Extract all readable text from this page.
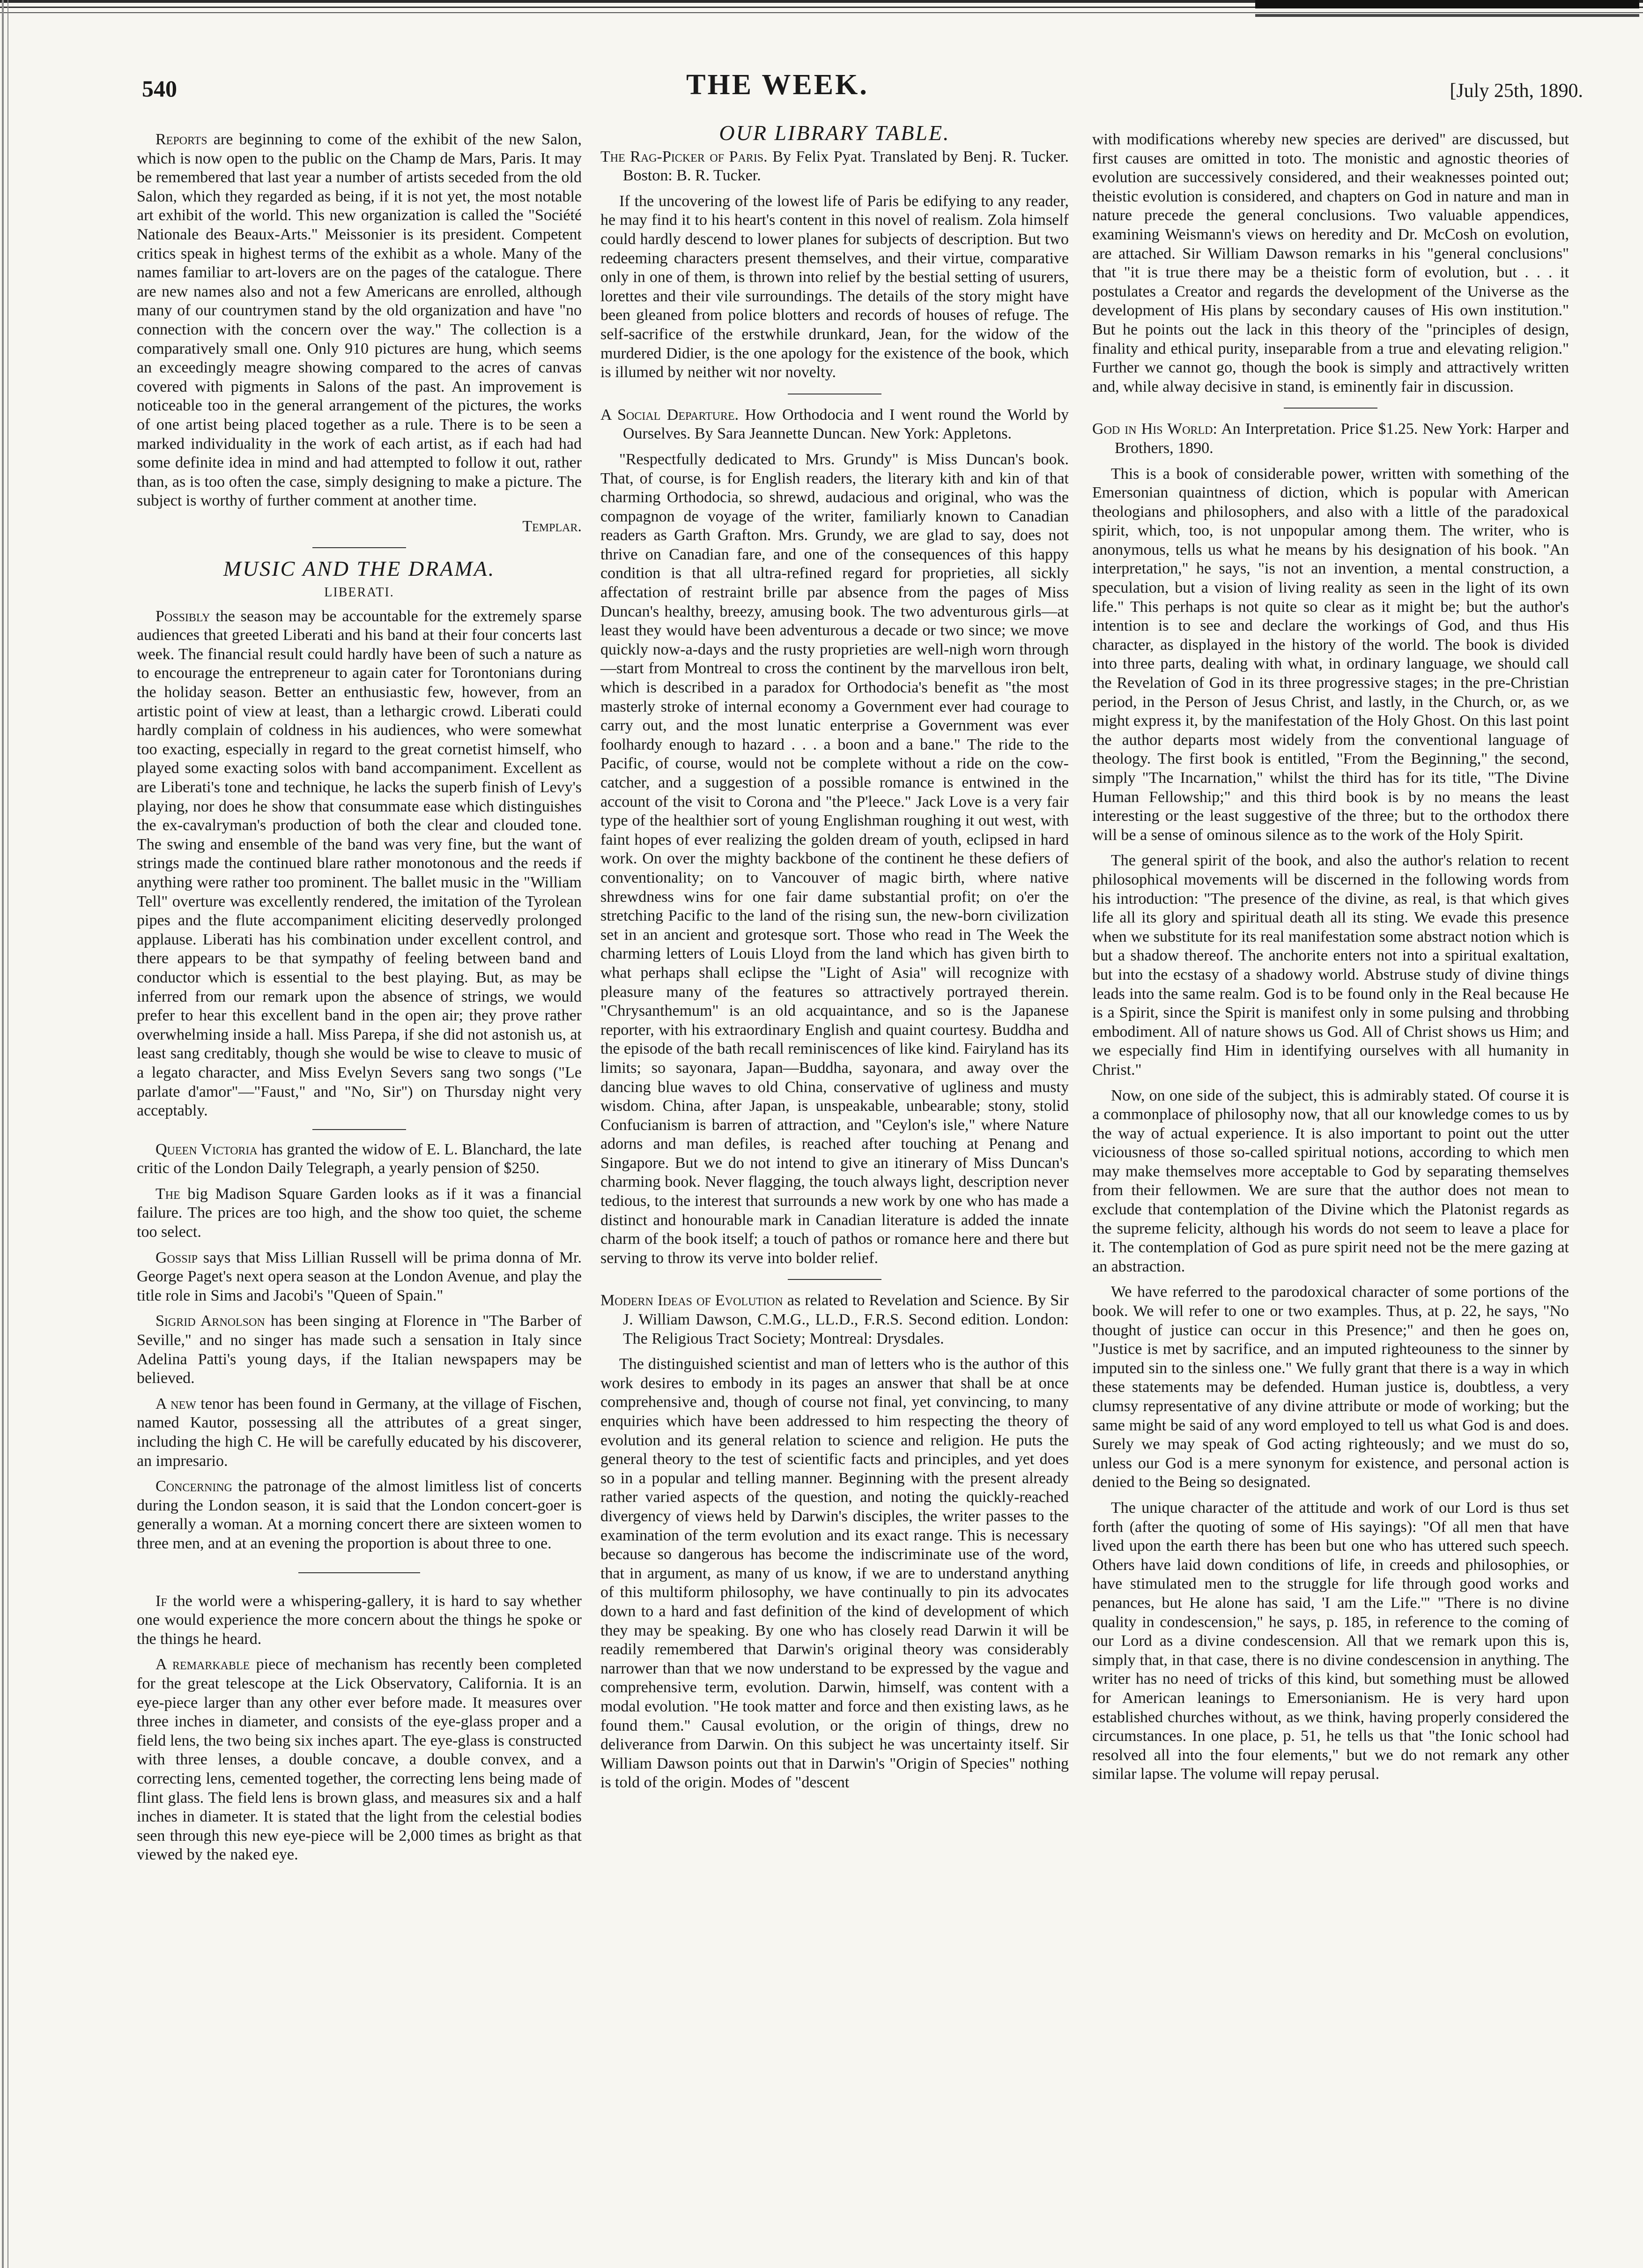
540	THE WEEK.	[July 25th, 1890.

Reports are beginning to come of the exhibit of the new Salon, which is now open to the public on the Champ de Mars, Paris. It may be remembered that last year a number of artists seceded from the old Salon, which they regarded as being, if it is not yet, the most notable art exhibit of the world. This new organization is called the "Société Nationale des Beaux-Arts." Meissonier is its president. Competent critics speak in highest terms of the exhibit as a whole. Many of the names familiar to art-lovers are on the pages of the catalogue. There are new names also and not a few Americans are enrolled, although many of our countrymen stand by the old organization and have "no connection with the concern over the way." The collection is a comparatively small one. Only 910 pictures are hung, which seems an exceedingly meagre showing compared to the acres of canvas covered with pigments in Salons of the past. An improvement is noticeable too in the general arrangement of the pictures, the works of one artist being placed together as a rule. There is to be seen a marked individuality in the work of each artist, as if each had had some definite idea in mind and had attempted to follow it out, rather than, as is too often the case, simply designing to make a picture. The subject is worthy of further comment at another time.

Templar.
MUSIC AND THE DRAMA.
LIBERATI.

Possibly the season may be accountable for the extremely sparse audiences that greeted Liberati and his band at their four concerts last week. The financial result could hardly have been of such a nature as to encourage the entrepreneur to again cater for Torontonians during the holiday season. Better an enthusiastic few, however, from an artistic point of view at least, than a lethargic crowd. Liberati could hardly complain of coldness in his audiences, who were somewhat too exacting, especially in regard to the great cornetist himself, who played some exacting solos with band accompaniment. Excellent as are Liberati's tone and technique, he lacks the superb finish of Levy's playing, nor does he show that consummate ease which distinguishes the ex-cavalryman's production of both the clear and clouded tone. The swing and ensemble of the band was very fine, but the want of strings made the continued blare rather monotonous and the reeds if anything were rather too prominent. The ballet music in the "William Tell" overture was excellently rendered, the imitation of the Tyrolean pipes and the flute accompaniment eliciting deservedly prolonged applause. Liberati has his combination under excellent control, and there appears to be that sympathy of feeling between band and conductor which is essential to the best playing. But, as may be inferred from our remark upon the absence of strings, we would prefer to hear this excellent band in the open air; they prove rather overwhelming inside a hall. Miss Parepa, if she did not astonish us, at least sang creditably, though she would be wise to cleave to music of a legato character, and Miss Evelyn Severs sang two songs ("Le parlate d'amor"—"Faust," and "No, Sir") on Thursday night very acceptably.

Queen Victoria has granted the widow of E. L. Blanchard, the late critic of the London Daily Telegraph, a yearly pension of $250.

The big Madison Square Garden looks as if it was a financial failure. The prices are too high, and the show too quiet, the scheme too select.

Gossip says that Miss Lillian Russell will be prima donna of Mr. George Paget's next opera season at the London Avenue, and play the title role in Sims and Jacobi's "Queen of Spain."

Sigrid Arnolson has been singing at Florence in "The Barber of Seville," and no singer has made such a sensation in Italy since Adelina Patti's young days, if the Italian newspapers may be believed.

A new tenor has been found in Germany, at the village of Fischen, named Kautor, possessing all the attributes of a great singer, including the high C. He will be carefully educated by his discoverer, an impresario.

Concerning the patronage of the almost limitless list of concerts during the London season, it is said that the London concert-goer is generally a woman. At a morning concert there are sixteen women to three men, and at an evening the proportion is about three to one.

If the world were a whispering-gallery, it is hard to say whether one would experience the more concern about the things he spoke or the things he heard.

A remarkable piece of mechanism has recently been completed for the great telescope at the Lick Observatory, California. It is an eye-piece larger than any other ever before made. It measures over three inches in diameter, and consists of the eye-glass proper and a field lens, the two being six inches apart. The eye-glass is constructed with three lenses, a double concave, a double convex, and a correcting lens, cemented together, the correcting lens being made of flint glass. The field lens is brown glass, and measures six and a half inches in diameter. It is stated that the light from the celestial bodies seen through this new eye-piece will be 2,000 times as bright as that viewed by the naked eye.

OUR LIBRARY TABLE.

The Rag-Picker of Paris. By Felix Pyat. Translated by Benj. R. Tucker. Boston: B. R. Tucker.

If the uncovering of the lowest life of Paris be edifying to any reader, he may find it to his heart's content in this novel of realism. Zola himself could hardly descend to lower planes for subjects of description. But two redeeming characters present themselves, and their virtue, comparative only in one of them, is thrown into relief by the bestial setting of usurers, lorettes and their vile surroundings. The details of the story might have been gleaned from police blotters and records of houses of refuge. The self-sacrifice of the erstwhile drunkard, Jean, for the widow of the murdered Didier, is the one apology for the existence of the book, which is illumed by neither wit nor novelty.

A Social Departure. How Orthodocia and I went round the World by Ourselves. By Sara Jeannette Duncan. New York: Appletons.

"Respectfully dedicated to Mrs. Grundy" is Miss Duncan's book. That, of course, is for English readers, the literary kith and kin of that charming Orthodocia, so shrewd, audacious and original, who was the compagnon de voyage of the writer, familiarly known to Canadian readers as Garth Grafton. Mrs. Grundy, we are glad to say, does not thrive on Canadian fare, and one of the consequences of this happy condition is that all ultra-refined regard for proprieties, all sickly affectation of restraint brille par absence from the pages of Miss Duncan's healthy, breezy, amusing book. The two adventurous girls—at least they would have been adventurous a decade or two since; we move quickly now-a-days and the rusty proprieties are well-nigh worn through—start from Montreal to cross the continent by the marvellous iron belt, which is described in a paradox for Orthodocia's benefit as "the most masterly stroke of internal economy a Government ever had courage to carry out, and the most lunatic enterprise a Government was ever foolhardy enough to hazard . . . a boon and a bane." The ride to the Pacific, of course, would not be complete without a ride on the cow-catcher, and a suggestion of a possible romance is entwined in the account of the visit to Corona and "the P'leece." Jack Love is a very fair type of the healthier sort of young Englishman roughing it out west, with faint hopes of ever realizing the golden dream of youth, eclipsed in hard work. On over the mighty backbone of the continent he these defiers of conventionality; on to Vancouver of magic birth, where native shrewdness wins for one fair dame substantial profit; on o'er the stretching Pacific to the land of the rising sun, the new-born civilization set in an ancient and grotesque sort. Those who read in The Week the charming letters of Louis Lloyd from the land which has given birth to what perhaps shall eclipse the "Light of Asia" will recognize with pleasure many of the features so attractively portrayed therein. "Chrysanthemum" is an old acquaintance, and so is the Japanese reporter, with his extraordinary English and quaint courtesy. Buddha and the episode of the bath recall reminiscences of like kind. Fairyland has its limits; so sayonara, Japan—Buddha, sayonara, and away over the dancing blue waves to old China, conservative of ugliness and musty wisdom. China, after Japan, is unspeakable, unbearable; stony, stolid Confucianism is barren of attraction, and "Ceylon's isle," where Nature adorns and man defiles, is reached after touching at Penang and Singapore. But we do not intend to give an itinerary of Miss Duncan's charming book. Never flagging, the touch always light, description never tedious, to the interest that surrounds a new work by one who has made a distinct and honourable mark in Canadian literature is added the innate charm of the book itself; a touch of pathos or romance here and there but serving to throw its verve into bolder relief.

Modern Ideas of Evolution as related to Revelation and Science. By Sir J. William Dawson, C.M.G., LL.D., F.R.S. Second edition. London: The Religious Tract Society; Montreal: Drysdales.

The distinguished scientist and man of letters who is the author of this work desires to embody in its pages an answer that shall be at once comprehensive and, though of course not final, yet convincing, to many enquiries which have been addressed to him respecting the theory of evolution and its general relation to science and religion. He puts the general theory to the test of scientific facts and principles, and yet does so in a popular and telling manner. Beginning with the present already rather varied aspects of the question, and noting the quickly-reached divergency of views held by Darwin's disciples, the writer passes to the examination of the term evolution and its exact range. This is necessary because so dangerous has become the indiscriminate use of the word, that in argument, as many of us know, if we are to understand anything of this multiform philosophy, we have continually to pin its advocates down to a hard and fast definition of the kind of development of which they may be speaking. By one who has closely read Darwin it will be readily remembered that Darwin's original theory was considerably narrower than that we now understand to be expressed by the vague and comprehensive term, evolution. Darwin, himself, was content with a modal evolution. "He took matter and force and then existing laws, as he found them." Causal evolution, or the origin of things, drew no deliverance from Darwin. On this subject he was uncertainty itself. Sir William Dawson points out that in Darwin's "Origin of Species" nothing is told of the origin. Modes of "descent

with modifications whereby new species are derived" are discussed, but first causes are omitted in toto. The monistic and agnostic theories of evolution are successively considered, and their weaknesses pointed out; theistic evolution is considered, and chapters on God in nature and man in nature precede the general conclusions. Two valuable appendices, examining Weismann's views on heredity and Dr. McCosh on evolution, are attached. Sir William Dawson remarks in his "general conclusions" that "it is true there may be a theistic form of evolution, but . . . it postulates a Creator and regards the development of the Universe as the development of His plans by secondary causes of His own institution." But he points out the lack in this theory of the "principles of design, finality and ethical purity, inseparable from a true and elevating religion." Further we cannot go, though the book is simply and attractively written and, while alway decisive in stand, is eminently fair in discussion.

God in His World: An Interpretation. Price $1.25. New York: Harper and Brothers, 1890.

This is a book of considerable power, written with something of the Emersonian quaintness of diction, which is popular with American theologians and philosophers, and also with a little of the paradoxical spirit, which, too, is not unpopular among them. The writer, who is anonymous, tells us what he means by his designation of his book. "An interpretation," he says, "is not an invention, a mental construction, a speculation, but a vision of living reality as seen in the light of its own life." This perhaps is not quite so clear as it might be; but the author's intention is to see and declare the workings of God, and thus His character, as displayed in the history of the world. The book is divided into three parts, dealing with what, in ordinary language, we should call the Revelation of God in its three progressive stages; in the pre-Christian period, in the Person of Jesus Christ, and lastly, in the Church, or, as we might express it, by the manifestation of the Holy Ghost. On this last point the author departs most widely from the conventional language of theology. The first book is entitled, "From the Beginning," the second, simply "The Incarnation," whilst the third has for its title, "The Divine Human Fellowship;" and this third book is by no means the least interesting or the least suggestive of the three; but to the orthodox there will be a sense of ominous silence as to the work of the Holy Spirit.

The general spirit of the book, and also the author's relation to recent philosophical movements will be discerned in the following words from his introduction: "The presence of the divine, as real, is that which gives life all its glory and spiritual death all its sting. We evade this presence when we substitute for its real manifestation some abstract notion which is but a shadow thereof. The anchorite enters not into a spiritual exaltation, but into the ecstasy of a shadowy world. Abstruse study of divine things leads into the same realm. God is to be found only in the Real because He is a Spirit, since the Spirit is manifest only in some pulsing and throbbing embodiment. All of nature shows us God. All of Christ shows us Him; and we especially find Him in identifying ourselves with all humanity in Christ."

Now, on one side of the subject, this is admirably stated. Of course it is a commonplace of philosophy now, that all our knowledge comes to us by the way of actual experience. It is also important to point out the utter viciousness of those so-called spiritual notions, according to which men may make themselves more acceptable to God by separating themselves from their fellowmen. We are sure that the author does not mean to exclude that contemplation of the Divine which the Platonist regards as the supreme felicity, although his words do not seem to leave a place for it. The contemplation of God as pure spirit need not be the mere gazing at an abstraction.

We have referred to the parodoxical character of some portions of the book. We will refer to one or two examples. Thus, at p. 22, he says, "No thought of justice can occur in this Presence;" and then he goes on, "Justice is met by sacrifice, and an imputed righteouness to the sinner by imputed sin to the sinless one." We fully grant that there is a way in which these statements may be defended. Human justice is, doubtless, a very clumsy representative of any divine attribute or mode of working; but the same might be said of any word employed to tell us what God is and does. Surely we may speak of God acting righteously; and we must do so, unless our God is a mere synonym for existence, and personal action is denied to the Being so designated.

The unique character of the attitude and work of our Lord is thus set forth (after the quoting of some of His sayings): "Of all men that have lived upon the earth there has been but one who has uttered such speech. Others have laid down conditions of life, in creeds and philosophies, or have stimulated men to the struggle for life through good works and penances, but He alone has said, 'I am the Life.'" "There is no divine quality in condescension," he says, p. 185, in reference to the coming of our Lord as a divine condescension. All that we remark upon this is, simply that, in that case, there is no divine condescension in anything. The writer has no need of tricks of this kind, but something must be allowed for American leanings to Emersonianism. He is very hard upon established churches without, as we think, having properly considered the circumstances. In one place, p. 51, he tells us that "the Ionic school had resolved all into the four elements," but we do not remark any other similar lapse. The volume will repay perusal.
